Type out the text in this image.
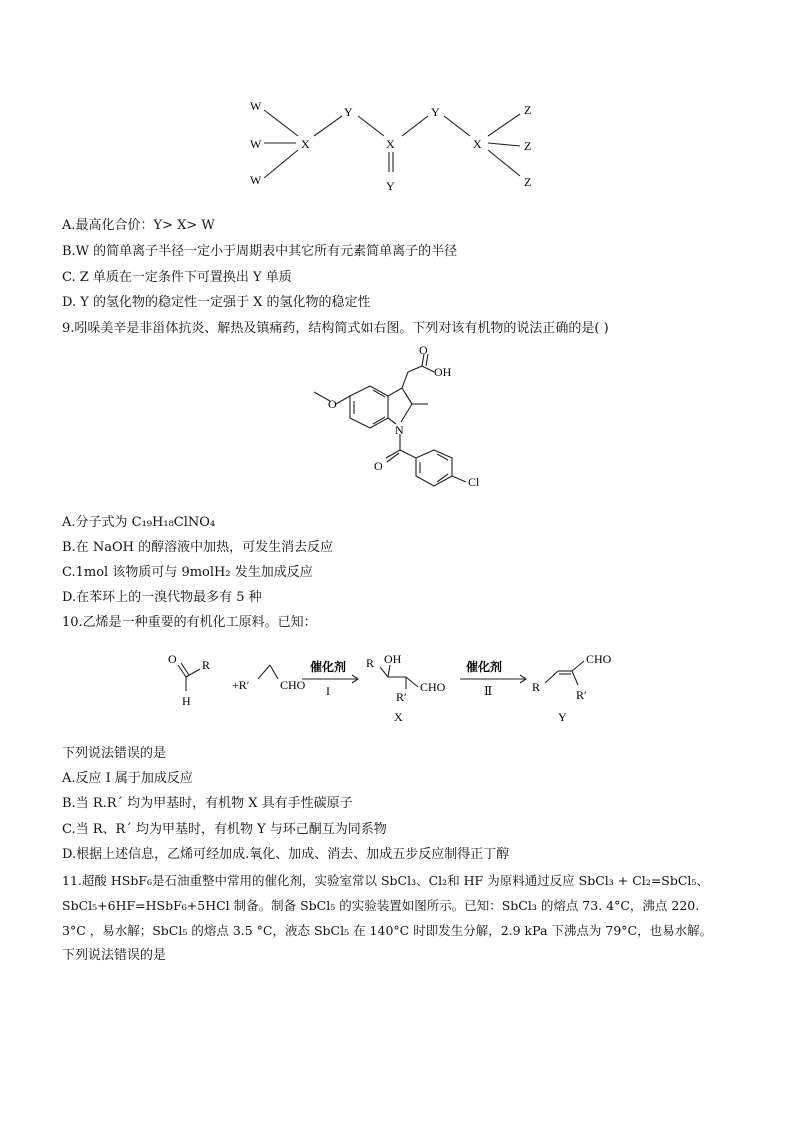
W
W
W
X
Y
X
Y
Y
X
Z
Z
Z
A.最高化合价：Y> X> W
B.W 的简单离子半径一定小于周期表中其它所有元素简单离子的半径
C. Z 单质在一定条件下可置换出 Y 单质
D. Y 的氢化物的稳定性一定强于 X 的氢化物的稳定性
9.吲哚美辛是非甾体抗炎、解热及镇痛药，结构简式如右图。下列对该有机物的说法正确的是( )
O
O
OH
N
O
Cl
A.分子式为 C₁₉H₁₈ClNO₄
B.在 NaOH 的醇溶液中加热，可发生消去反应
C.1mol 该物质可与 9molH₂ 发生加成反应
D.在苯环上的一溴代物最多有 5 种
10.乙烯是一种重要的有机化工原料。已知：
O R
H
+R′	CHO
催化剂
I
R OH
R′
CHO
X
催化剂
Ⅱ	R
CHO
R′
Y
下列说法错误的是
A.反应 I 属于加成反应
B.当 R.R´ 均为甲基时，有机物 X 具有手性碳原子
C.当 R、R´ 均为甲基时，有机物 Y 与环己酮互为同系物
D.根据上述信息，乙烯可经加成.氧化、加成、消去、加成五步反应制得正丁醇
11.超酸 HSbF₆是石油重整中常用的催化剂，实验室常以 SbCl₃、Cl₂和 HF 为原料通过反应 SbCl₃ + Cl₂=SbCl₅、
SbCl₅+6HF=HSbF₆+5HCl 制备。制备 SbCl₅ 的实验装置如图所示。已知：SbCl₃ 的熔点 73. 4°C，沸点 220.
3°C ，易水解；SbCl₅ 的熔点 3.5 °C，液态 SbCl₅ 在 140°C 时即发生分解，2.9 kPa 下沸点为 79°C，也易水解。
下列说法错误的是
